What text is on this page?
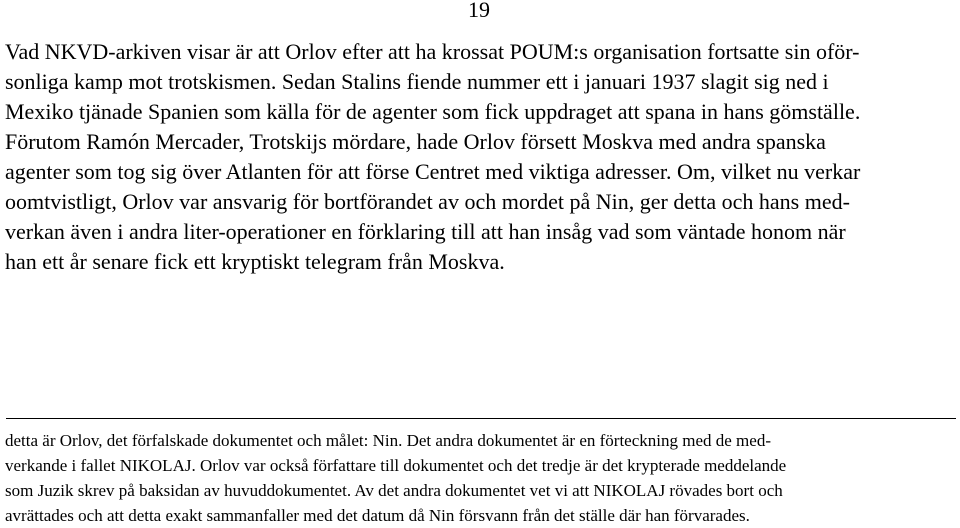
19

Vad NKVD-arkiven visar är att Orlov efter att ha krossat POUM:s organisation fortsatte sin oför-
sonliga kamp mot trotskismen. Sedan Stalins fiende nummer ett i januari 1937 slagit sig ned i
Mexiko tjänade Spanien som källa för de agenter som fick uppdraget att spana in hans gömställe.
Förutom Ramón Mercader, Trotskijs mördare, hade Orlov försett Moskva med andra spanska
agenter som tog sig över Atlanten för att förse Centret med viktiga adresser. Om, vilket nu verkar
oomtvistligt, Orlov var ansvarig för bortförandet av och mordet på Nin, ger detta och hans med-
verkan även i andra liter-operationer en förklaring till att han insåg vad som väntade honom när
han ett år senare fick ett kryptiskt telegram från Moskva.

detta är Orlov, det förfalskade dokumentet och målet: Nin. Det andra dokumentet är en förteckning med de med-
verkande i fallet NIKOLAJ. Orlov var också författare till dokumentet och det tredje är det krypterade meddelande
som Juzik skrev på baksidan av huvuddokumentet. Av det andra dokumentet vet vi att NIKOLAJ rövades bort och
avrättades och att detta exakt sammanfaller med det datum då Nin försvann från det ställe där han förvarades.
